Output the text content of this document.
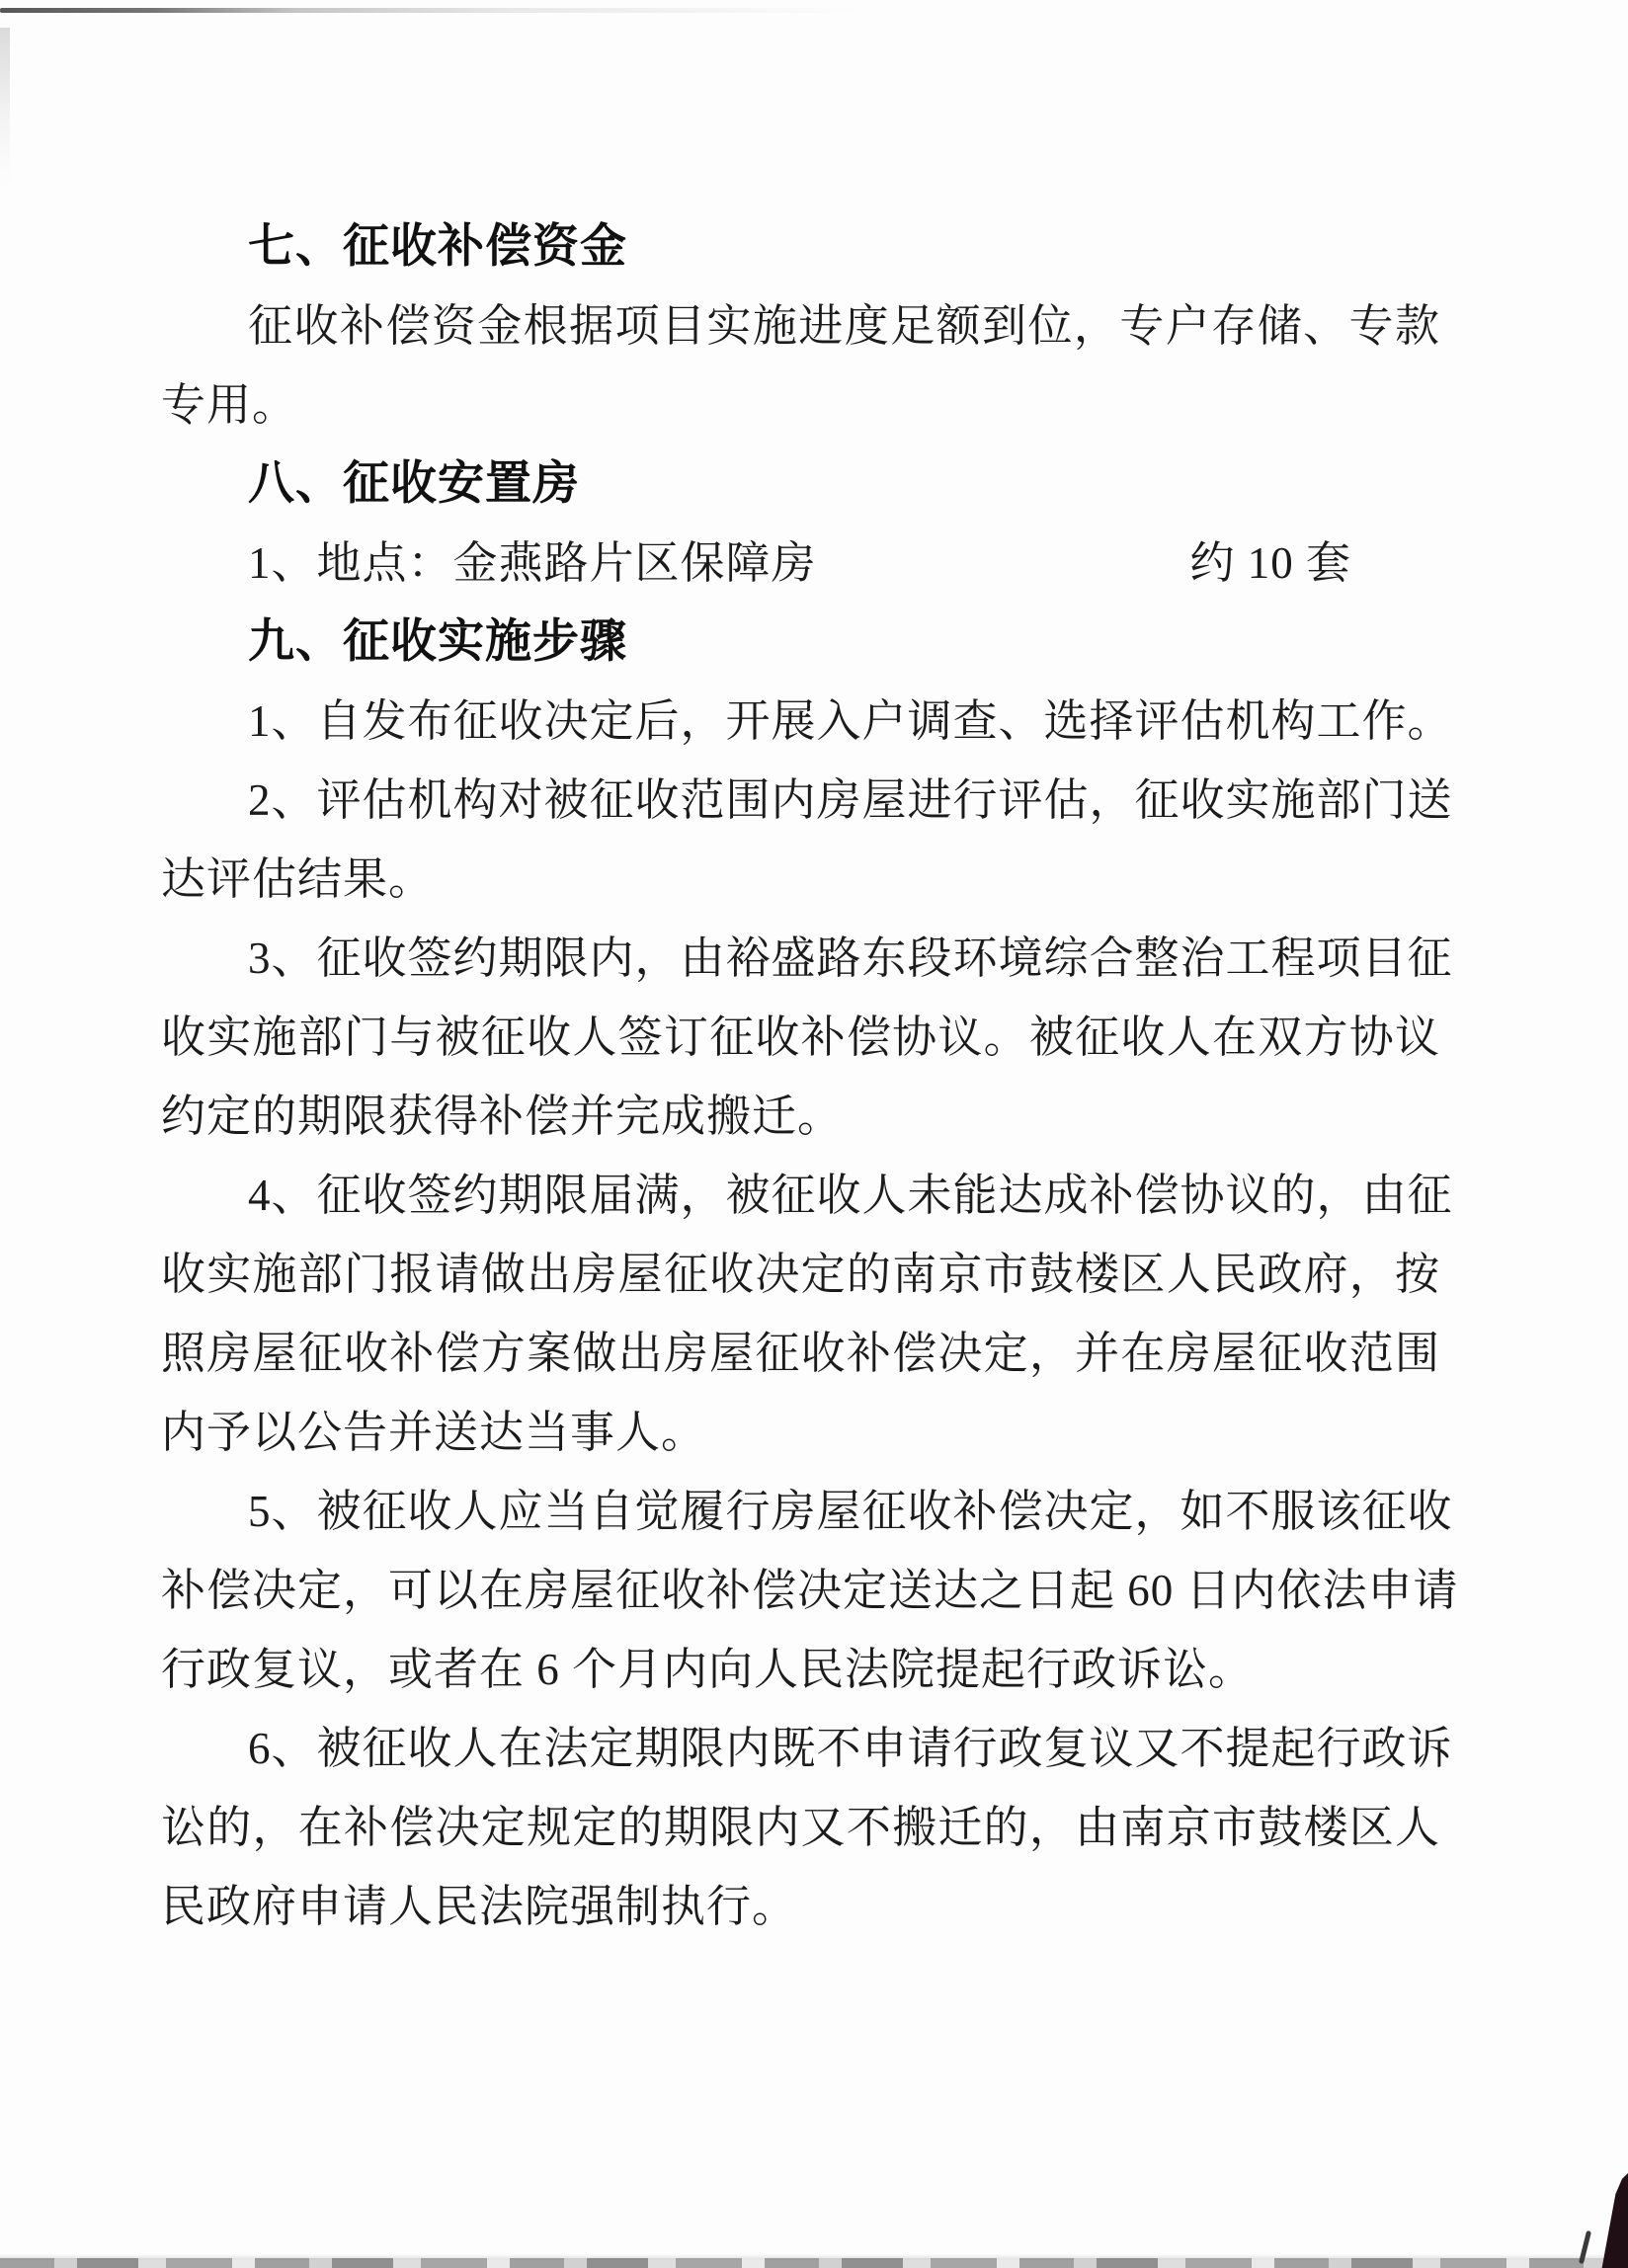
七、征收补偿资金
征收补偿资金根据项目实施进度足额到位，专户存储、专款
专用。
八、征收安置房
1、地点：金燕路片区保障房	约 10 套
九、征收实施步骤
1、自发布征收决定后，开展入户调查、选择评估机构工作。
2、评估机构对被征收范围内房屋进行评估，征收实施部门送
达评估结果。
3、征收签约期限内，由裕盛路东段环境综合整治工程项目征
收实施部门与被征收人签订征收补偿协议。被征收人在双方协议
约定的期限获得补偿并完成搬迁。
4、征收签约期限届满，被征收人未能达成补偿协议的，由征
收实施部门报请做出房屋征收决定的南京市鼓楼区人民政府，按
照房屋征收补偿方案做出房屋征收补偿决定，并在房屋征收范围
内予以公告并送达当事人。
5、被征收人应当自觉履行房屋征收补偿决定，如不服该征收
补偿决定，可以在房屋征收补偿决定送达之日起 60 日内依法申请
行政复议，或者在 6 个月内向人民法院提起行政诉讼。
6、被征收人在法定期限内既不申请行政复议又不提起行政诉
讼的，在补偿决定规定的期限内又不搬迁的，由南京市鼓楼区人
民政府申请人民法院强制执行。
